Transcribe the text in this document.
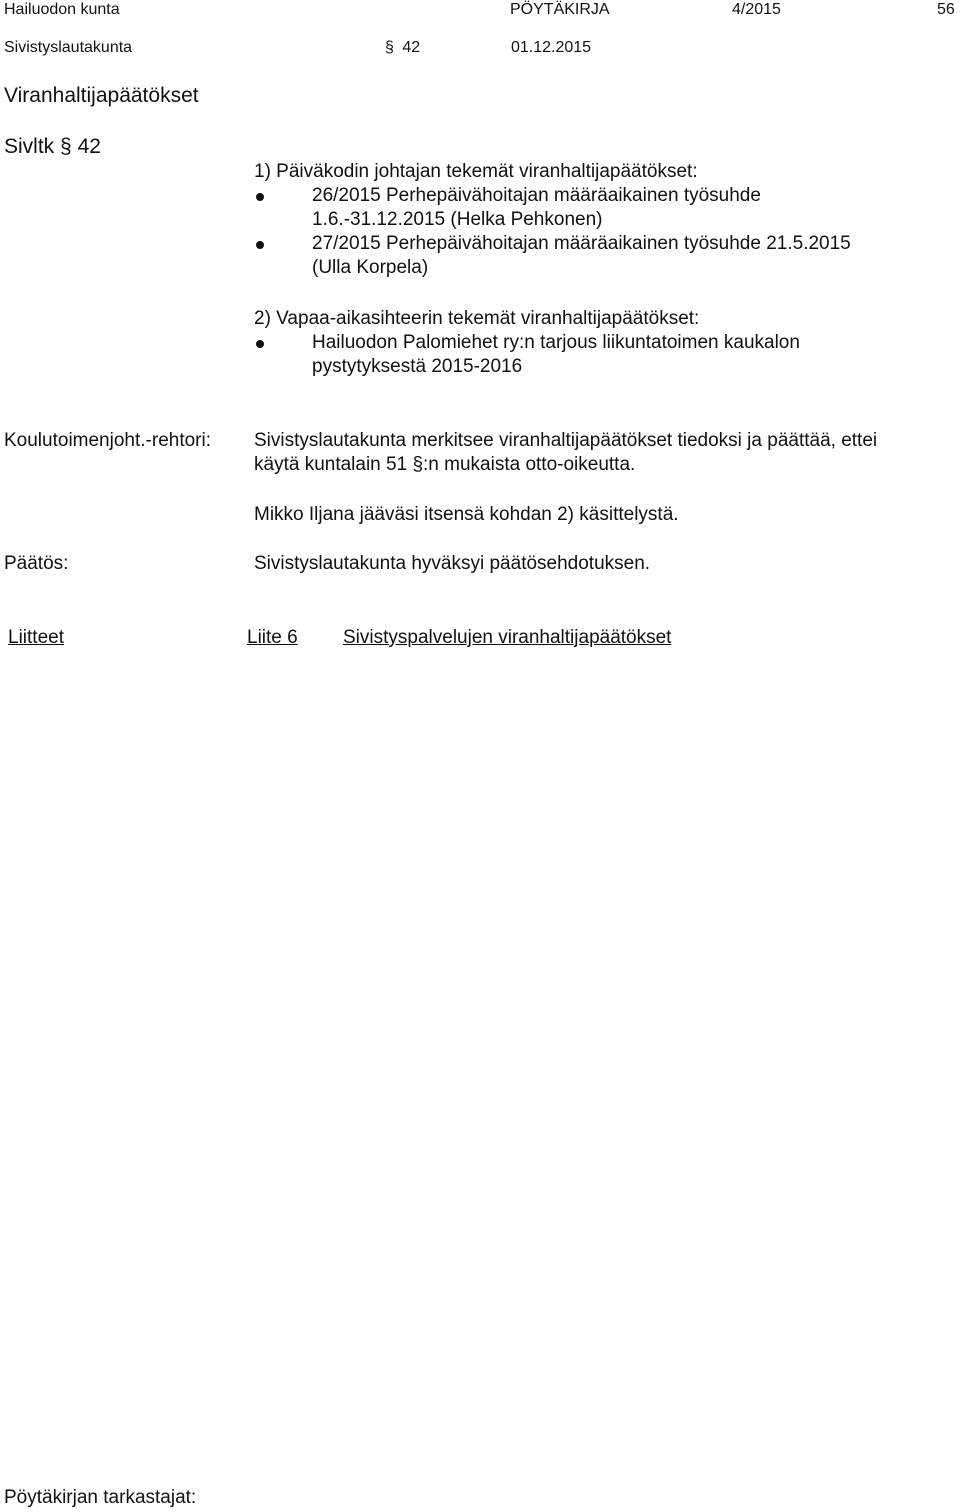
Hailuodon kunta	PÖYTÄKIRJA	4/2015	56
Sivistyslautakunta	§ 42	01.12.2015
Viranhaltijapäätökset
Sivltk § 42
1) Päiväkodin johtajan tekemät viranhaltijapäätökset:
26/2015 Perhepäivähoitajan määräaikainen työsuhde
1.6.-31.12.2015 (Helka Pehkonen)
27/2015 Perhepäivähoitajan määräaikainen työsuhde 21.5.2015
(Ulla Korpela)
2) Vapaa-aikasihteerin tekemät viranhaltijapäätökset:
Hailuodon Palomiehet ry:n tarjous liikuntatoimen kaukalon
pystytyksestä 2015-2016
Koulutoimenjoht.-rehtori: Sivistyslautakunta merkitsee viranhaltijapäätökset tiedoksi ja päättää, ettei
käytä kuntalain 51 §:n mukaista otto-oikeutta.
Mikko Iljana jääväsi itsensä kohdan 2) käsittelystä.
Päätös:	Sivistyslautakunta hyväksyi päätösehdotuksen.
Liitteet	Liite 6 Sivistyspalvelujen viranhaltijapäätökset
Pöytäkirjan tarkastajat:
